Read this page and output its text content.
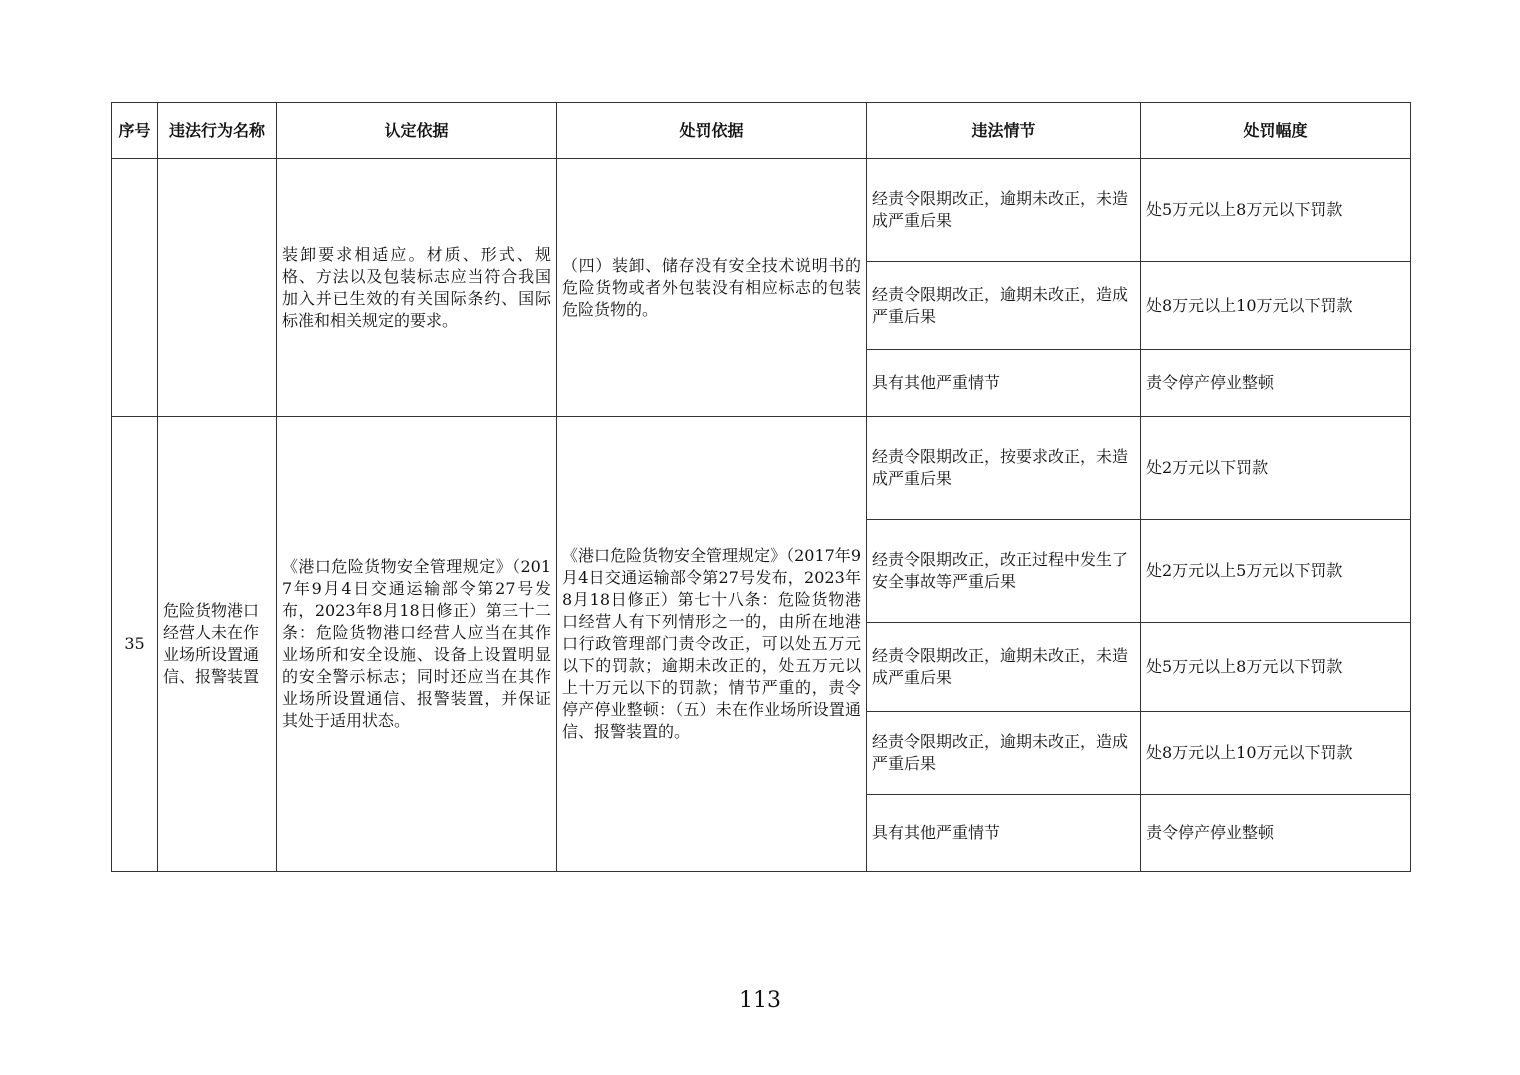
序号	违法行为名称	认定依据	处罚依据	违法情节	处罚幅度
		装卸要求相适应。材质、形式、规格、方法以及包装标志应当符合我国加入并已生效的有关国际条约、国际标准和相关规定的要求。	（四）装卸、储存没有安全技术说明书的危险货物或者外包装没有相应标志的包装危险货物的。	经责令限期改正，逾期未改正，未造成严重后果	处5万元以上8万元以下罚款
				经责令限期改正，逾期未改正，造成严重后果	处8万元以上10万元以下罚款
				具有其他严重情节	责令停产停业整顿
35	危险货物港口经营人未在作业场所设置通信、报警装置	《港口危险货物安全管理规定》（2017年9月4日交通运输部令第27号发布，2023年8月18日修正）第三十二条：危险货物港口经营人应当在其作业场所和安全设施、设备上设置明显的安全警示标志；同时还应当在其作业场所设置通信、报警装置，并保证其处于适用状态。	《港口危险货物安全管理规定》（2017年9月4日交通运输部令第27号发布，2023年8月18日修正）第七十八条：危险货物港口经营人有下列情形之一的，由所在地港口行政管理部门责令改正，可以处五万元以下的罚款；逾期未改正的，处五万元以上十万元以下的罚款；情节严重的，责令停产停业整顿：（五）未在作业场所设置通信、报警装置的。	经责令限期改正，按要求改正，未造成严重后果	处2万元以下罚款
				经责令限期改正，改正过程中发生了安全事故等严重后果	处2万元以上5万元以下罚款
				经责令限期改正，逾期未改正，未造成严重后果	处5万元以上8万元以下罚款
				经责令限期改正，逾期未改正，造成严重后果	处8万元以上10万元以下罚款
				具有其他严重情节	责令停产停业整顿
113
